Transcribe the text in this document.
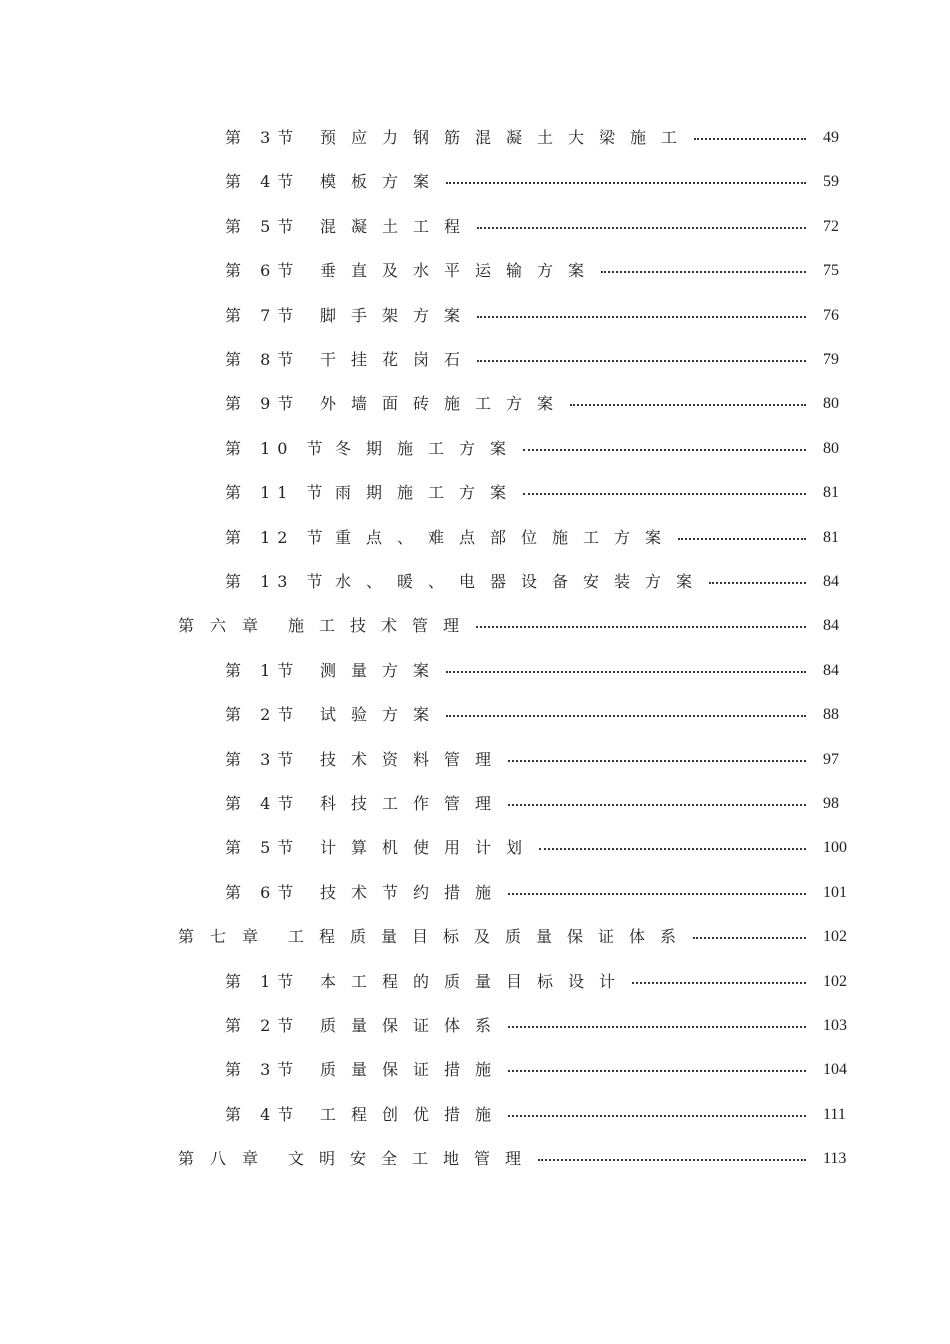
第 3节 预应力钢筋混凝土大梁施工	49
第 4节 模板方案	59
第 5节 混凝土工程	72
第 6节 垂直及水平运输方案	75
第 7节 脚手架方案	76
第 8节 干挂花岗石	79
第 9节 外墙面砖施工方案	80
第 10 节 冬期施工方案	80
第 11 节 雨期施工方案	81
第 12 节 重点、难点部位施工方案	81
第 13 节 水、暖、电器设备安装方案	84
第六章 施工技术管理	84
第 1节 测量方案	84
第 2节 试验方案	88
第 3节 技术资料管理	97
第 4节 科技工作管理	98
第 5节 计算机使用计划	100
第 6节 技术节约措施	101
第七章 工程质量目标及质量保证体系	102
第 1节 本工程的质量目标设计	102
第 2节 质量保证体系	103
第 3节 质量保证措施	104
第 4节 工程创优措施	111
第八章 文明安全工地管理	113
